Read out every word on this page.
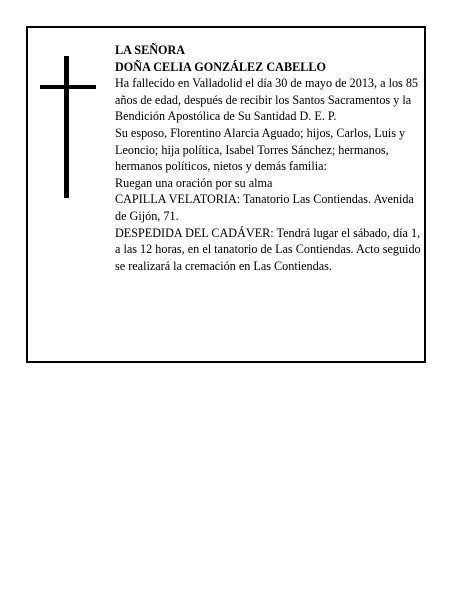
LA SEÑORA
DOÑA CELIA GONZÁLEZ CABELLO
Ha fallecido en Valladolid el día 30 de mayo de 2013, a los 85 años de edad, después de recibir los Santos Sacramentos y la Bendición Apostólica de Su Santidad D. E. P.
Su esposo, Florentino Alarcia Aguado; hijos, Carlos, Luis y Leoncio; hija política, Isabel Torres Sánchez; hermanos, hermanos políticos, nietos y demás familia:
Ruegan una oración por su alma
CAPILLA VELATORIA: Tanatorio Las Contiendas. Avenida de Gijón, 71.
DESPEDIDA DEL CADÁVER: Tendrá lugar el sábado, día 1, a las 12 horas, en el tanatorio de Las Contiendas. Acto seguido se realizará la cremación en Las Contiendas.
